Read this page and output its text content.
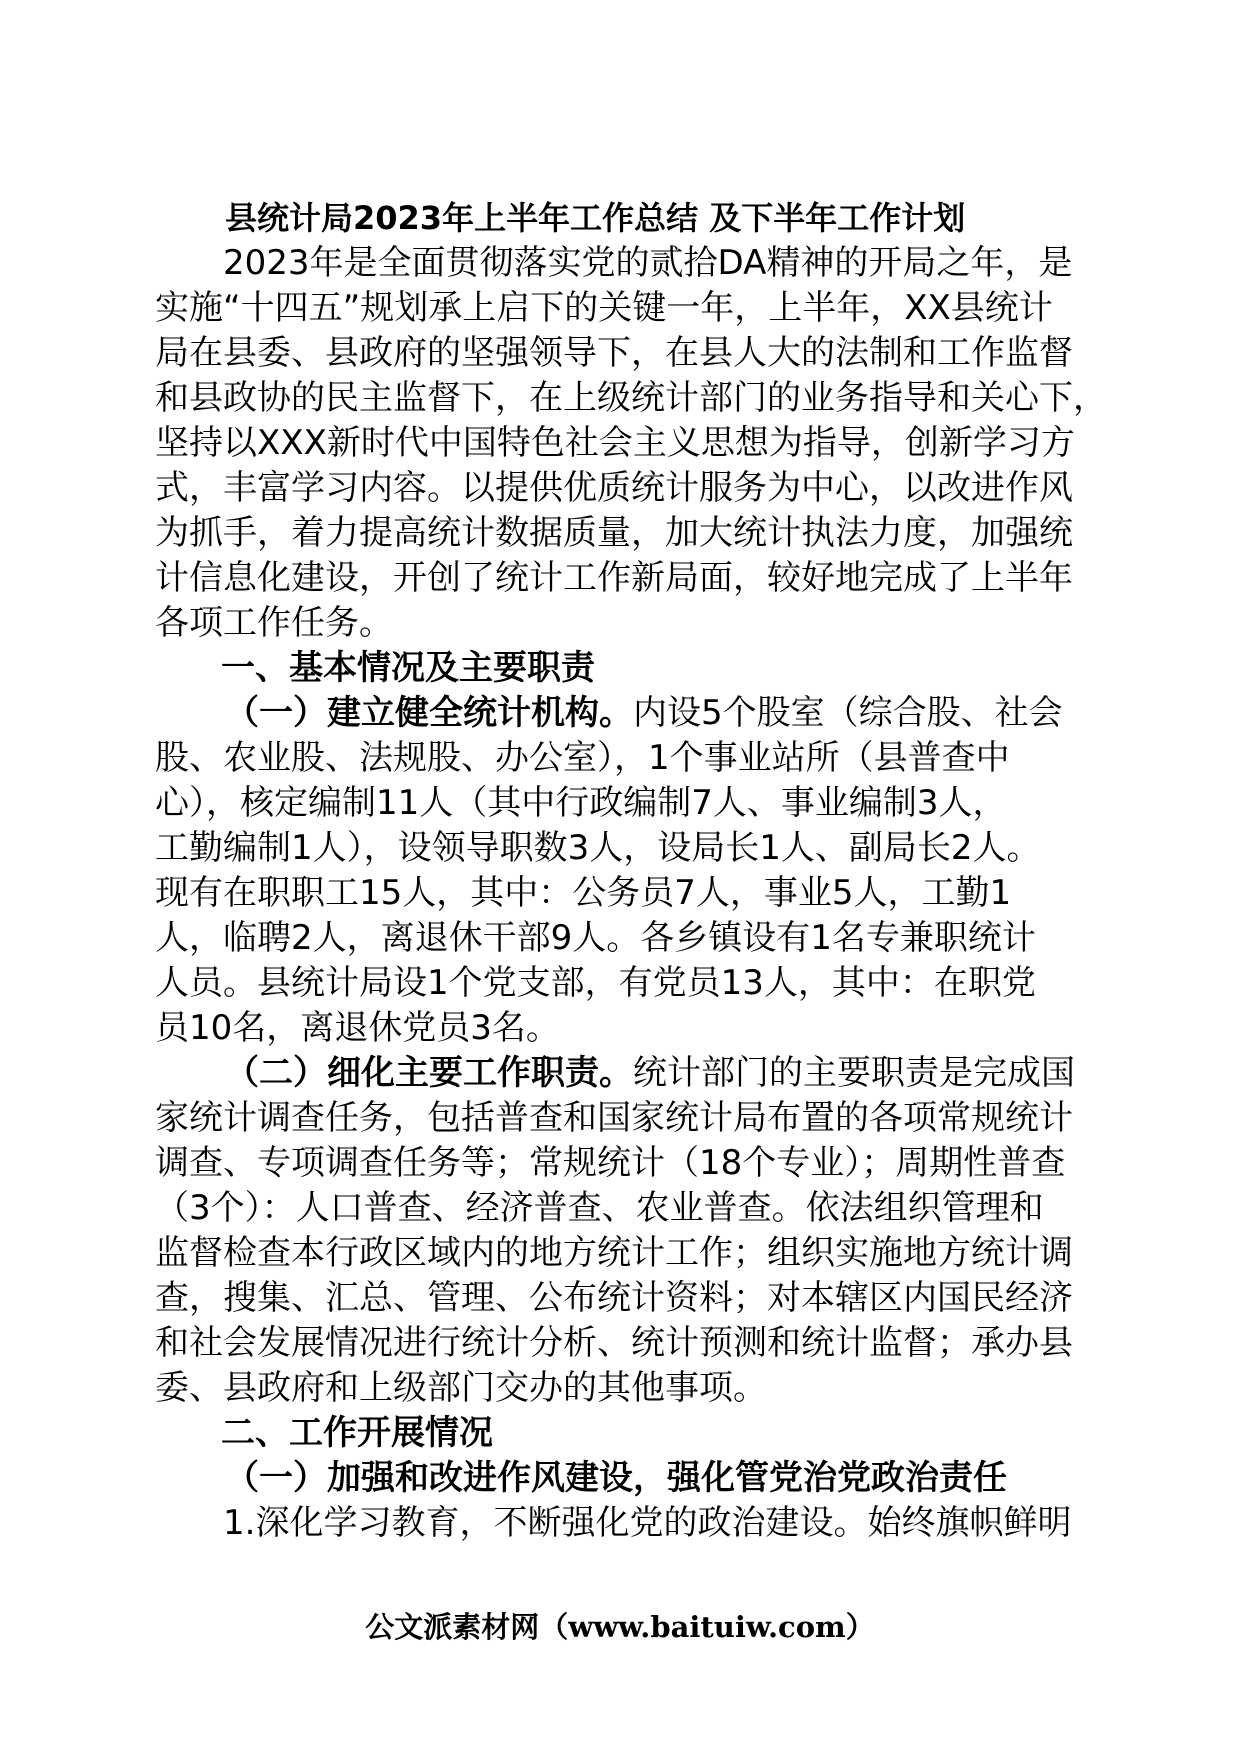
县统计局2023年上半年工作总结 及下半年工作计划
2023年是全面贯彻落实党的贰拾DA精神的开局之年，是
实施“十四五”规划承上启下的关键一年，上半年，XX县统计
局在县委、县政府的坚强领导下，在县人大的法制和工作监督
和县政协的民主监督下，在上级统计部门的业务指导和关心下，
坚持以XXX新时代中国特色社会主义思想为指导，创新学习方
式，丰富学习内容。以提供优质统计服务为中心，以改进作风
为抓手，着力提高统计数据质量，加大统计执法力度，加强统
计信息化建设，开创了统计工作新局面，较好地完成了上半年
各项工作任务。
一、基本情况及主要职责
（一）建立健全统计机构。内设5个股室（综合股、社会
股、农业股、法规股、办公室），1个事业站所（县普查中
心），核定编制11人（其中行政编制7人、事业编制3人，
工勤编制1人），设领导职数3人，设局长1人、副局长2人。
现有在职职工15人，其中：公务员7人，事业5人，工勤1
人，临聘2人，离退休干部9人。各乡镇设有1名专兼职统计
人员。县统计局设1个党支部，有党员13人，其中：在职党
员10名，离退休党员3名。
（二）细化主要工作职责。统计部门的主要职责是完成国
家统计调查任务，包括普查和国家统计局布置的各项常规统计
调查、专项调查任务等；常规统计（18个专业）；周期性普查
（3个）：人口普查、经济普查、农业普查。依法组织管理和
监督检查本行政区域内的地方统计工作；组织实施地方统计调
查，搜集、汇总、管理、公布统计资料；对本辖区内国民经济
和社会发展情况进行统计分析、统计预测和统计监督；承办县
委、县政府和上级部门交办的其他事项。
二、工作开展情况
（一）加强和改进作风建设，强化管党治党政治责任
1.深化学习教育，不断强化党的政治建设。始终旗帜鲜明
公文派素材网（www.baituiw.com）
